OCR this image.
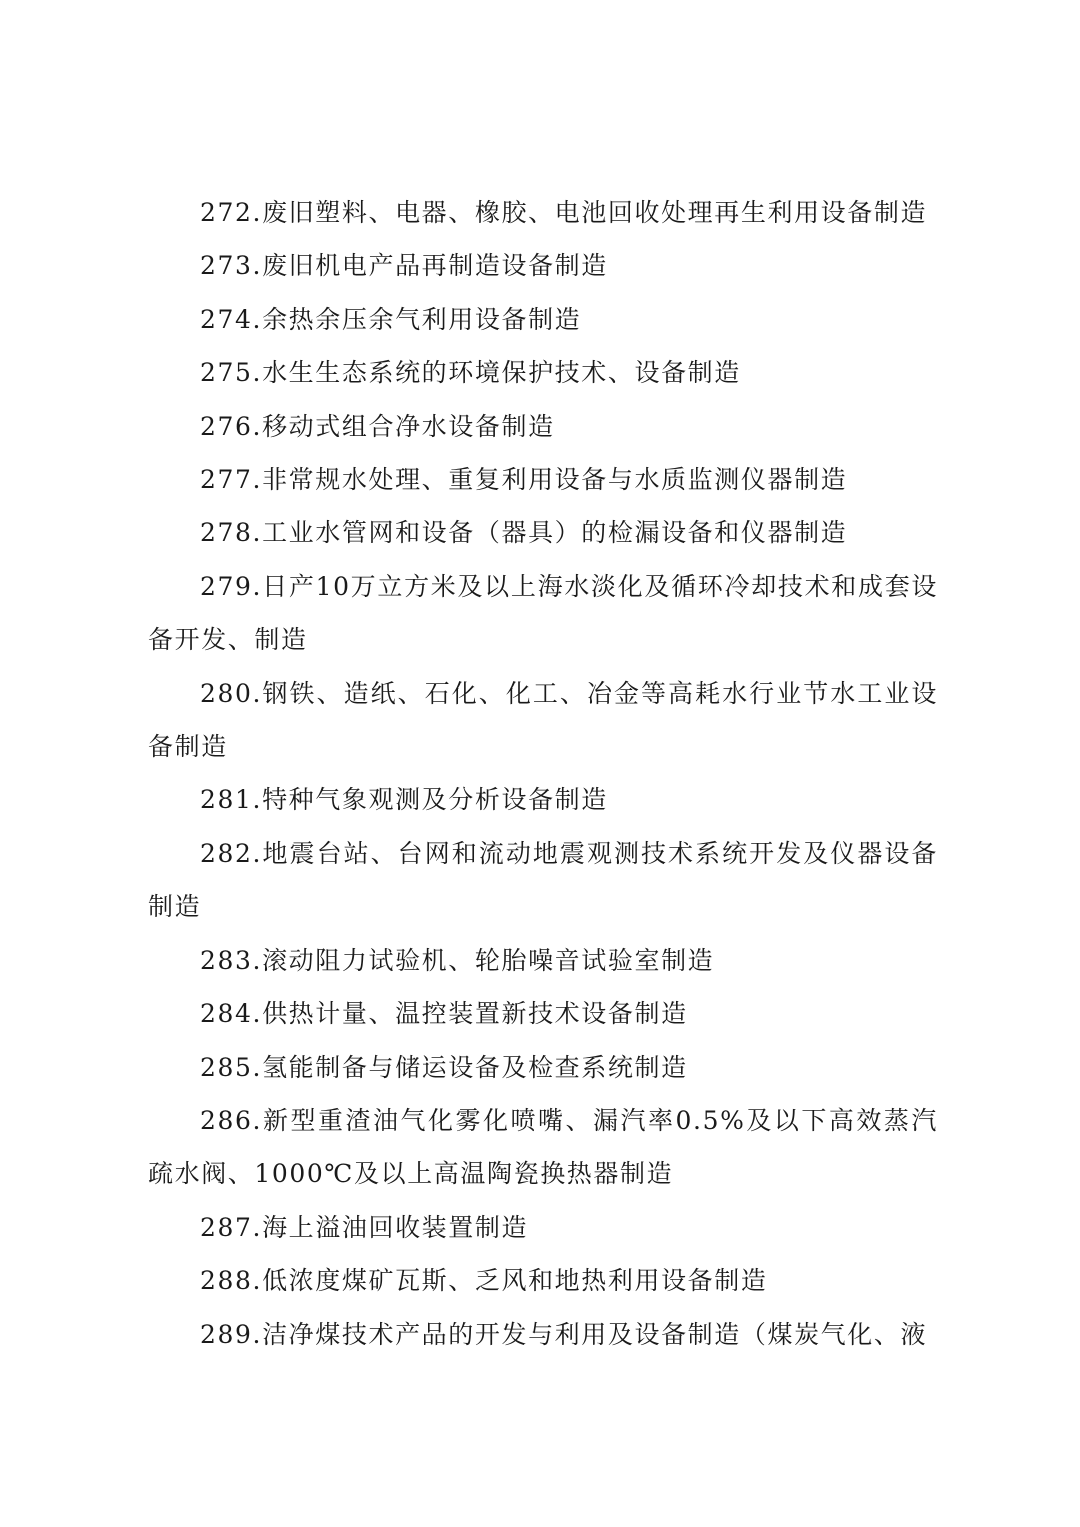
272.废旧塑料、电器、橡胶、电池回收处理再生利用设备制造

273.废旧机电产品再制造设备制造

274.余热余压余气利用设备制造

275.水生生态系统的环境保护技术、设备制造

276.移动式组合净水设备制造

277.非常规水处理、重复利用设备与水质监测仪器制造

278.工业水管网和设备（器具）的检漏设备和仪器制造

279.日产10万立方米及以上海水淡化及循环冷却技术和成套设备开发、制造

280.钢铁、造纸、石化、化工、冶金等高耗水行业节水工业设备制造

281.特种气象观测及分析设备制造

282.地震台站、台网和流动地震观测技术系统开发及仪器设备制造

283.滚动阻力试验机、轮胎噪音试验室制造

284.供热计量、温控装置新技术设备制造

285.氢能制备与储运设备及检查系统制造

286.新型重渣油气化雾化喷嘴、漏汽率0.5%及以下高效蒸汽疏水阀、1000℃及以上高温陶瓷换热器制造

287.海上溢油回收装置制造

288.低浓度煤矿瓦斯、乏风和地热利用设备制造

289.洁净煤技术产品的开发与利用及设备制造（煤炭气化、液
